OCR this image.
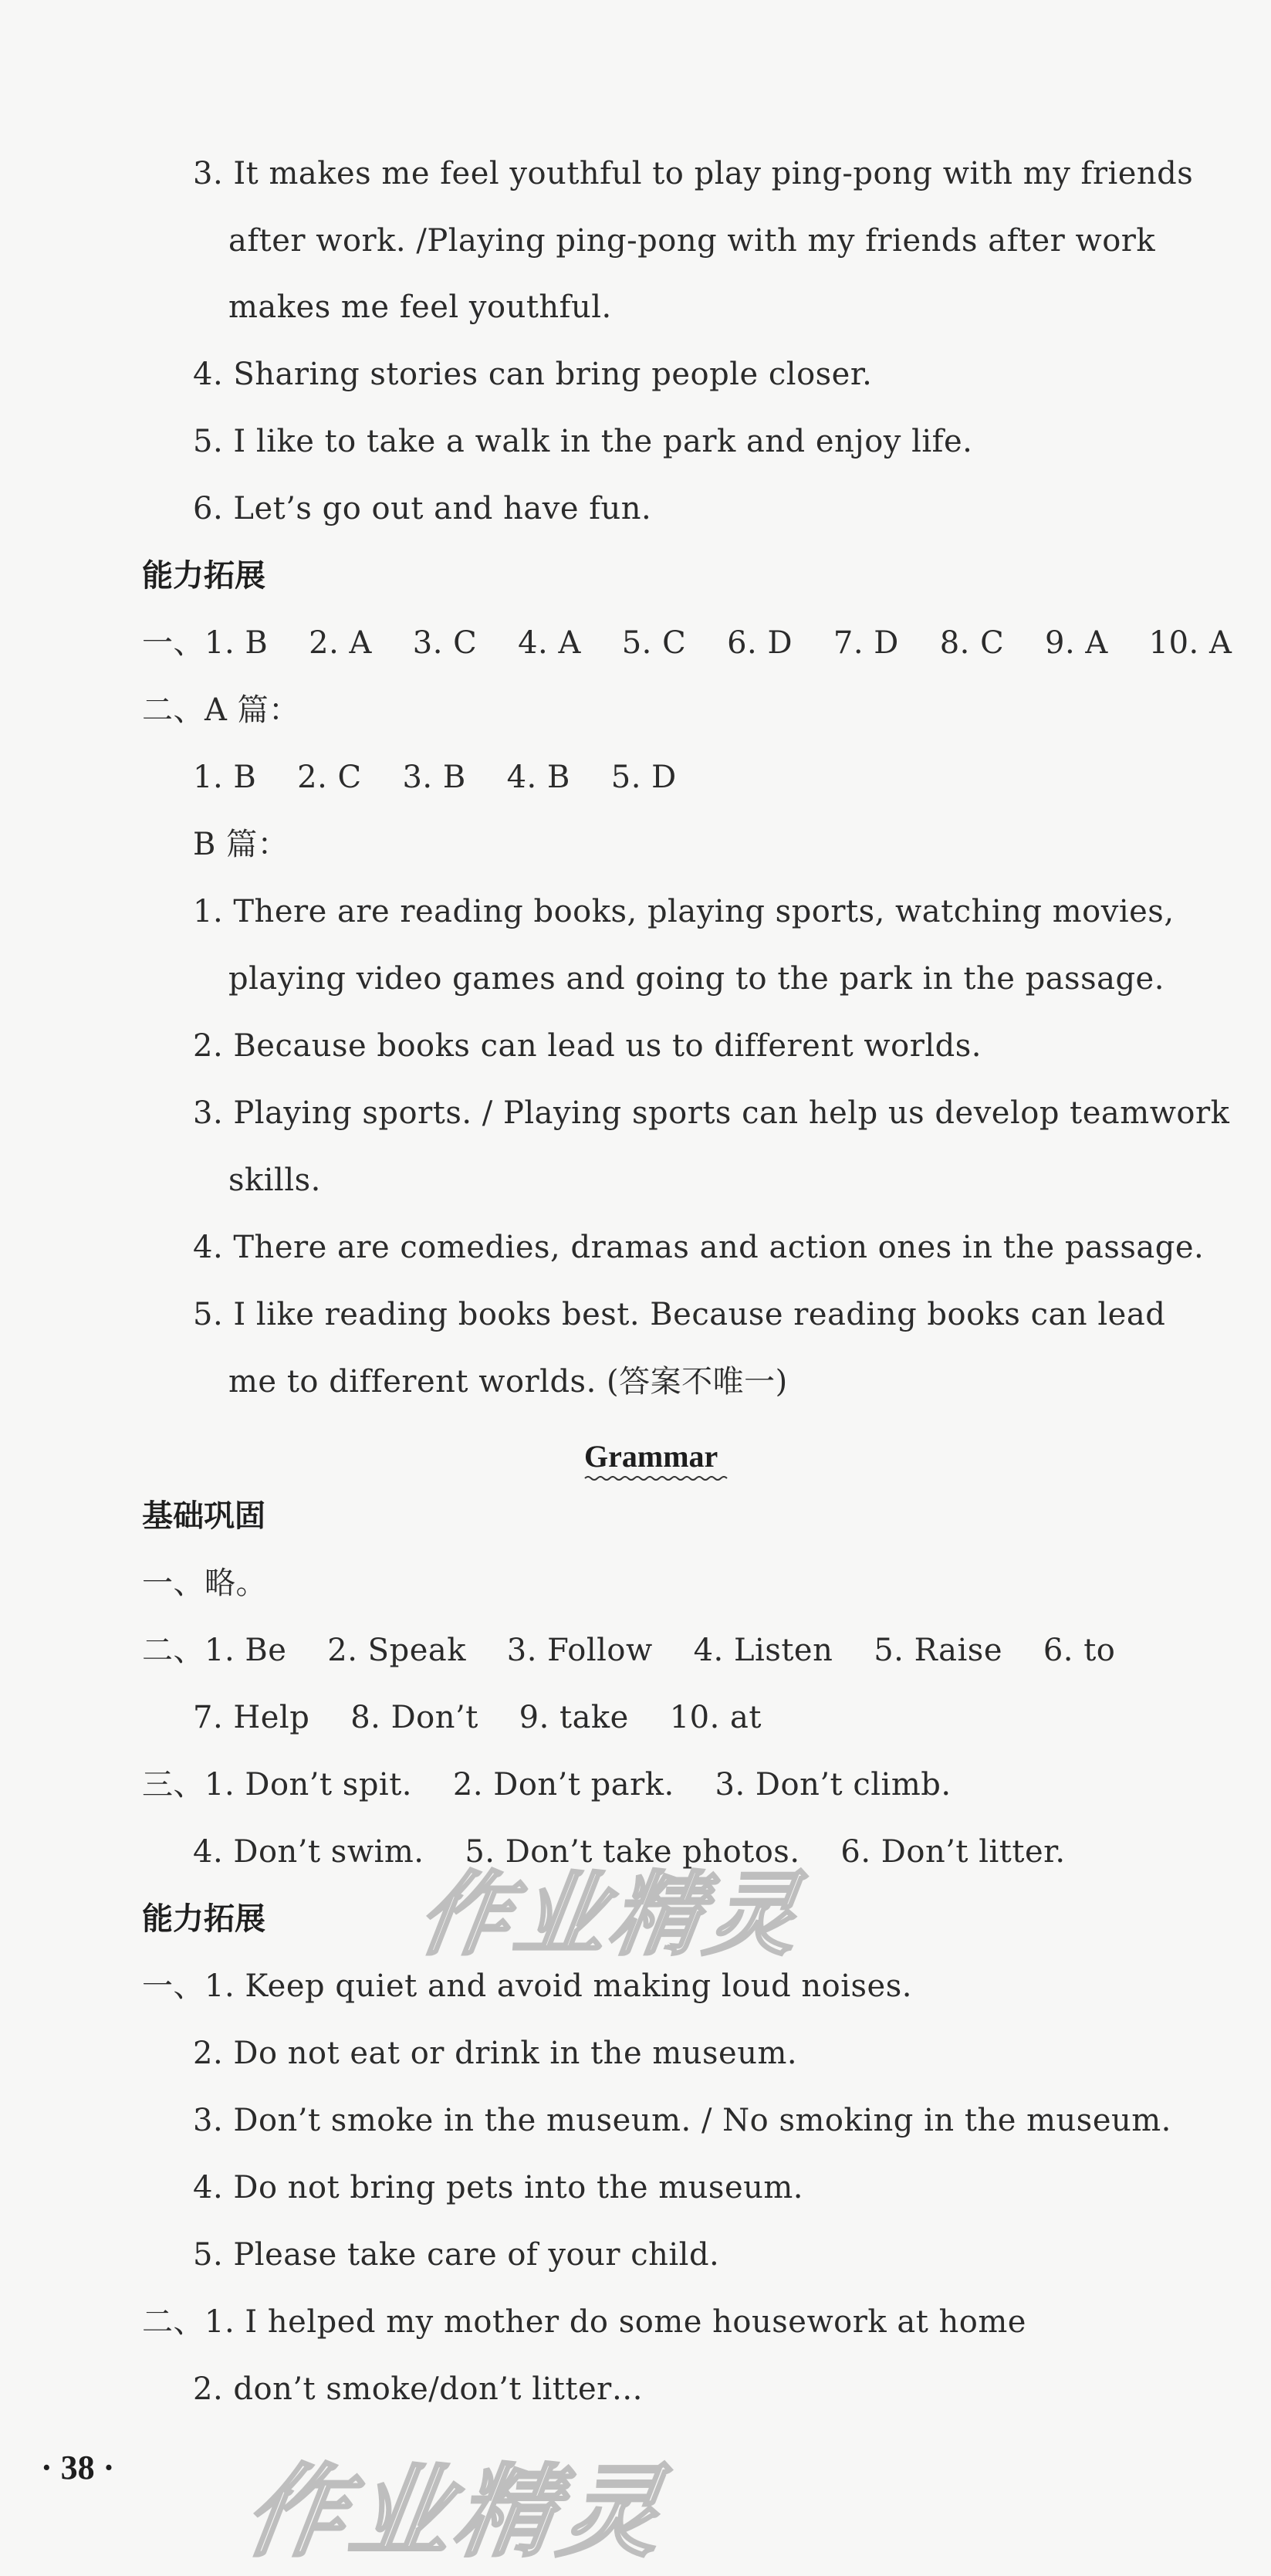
3. It makes me feel youthful to play ping-pong with my friends
after work. /Playing ping-pong with my friends after work
makes me feel youthful.
4. Sharing stories can bring people closer.
5. I like to take a walk in the park and enjoy life.
6. Let’s go out and have fun.
能力拓展
一、1. B    2. A    3. C    4. A    5. C    6. D    7. D    8. C    9. A    10. A
二、A 篇：
1. B    2. C    3. B    4. B    5. D
B 篇：
1. There are reading books, playing sports, watching movies,
playing video games and going to the park in the passage.
2. Because books can lead us to different worlds.
3. Playing sports. / Playing sports can help us develop teamwork
skills.
4. There are comedies, dramas and action ones in the passage.
5. I like reading books best. Because reading books can lead
me to different worlds. (答案不唯一)
Grammar
基础巩固
一、略。
二、1. Be    2. Speak    3. Follow    4. Listen    5. Raise    6. to
7. Help    8. Don’t    9. take    10. at
三、1. Don’t spit.    2. Don’t park.    3. Don’t climb.
4. Don’t swim.    5. Don’t take photos.    6. Don’t litter.
能力拓展
一、1. Keep quiet and avoid making loud noises.
2. Do not eat or drink in the museum.
3. Don’t smoke in the museum. / No smoking in the museum.
4. Do not bring pets into the museum.
5. Please take care of your child.
二、1. I helped my mother do some housework at home
2. don’t smoke/don’t litter…
· 38 ·
作业精灵
作业精灵
